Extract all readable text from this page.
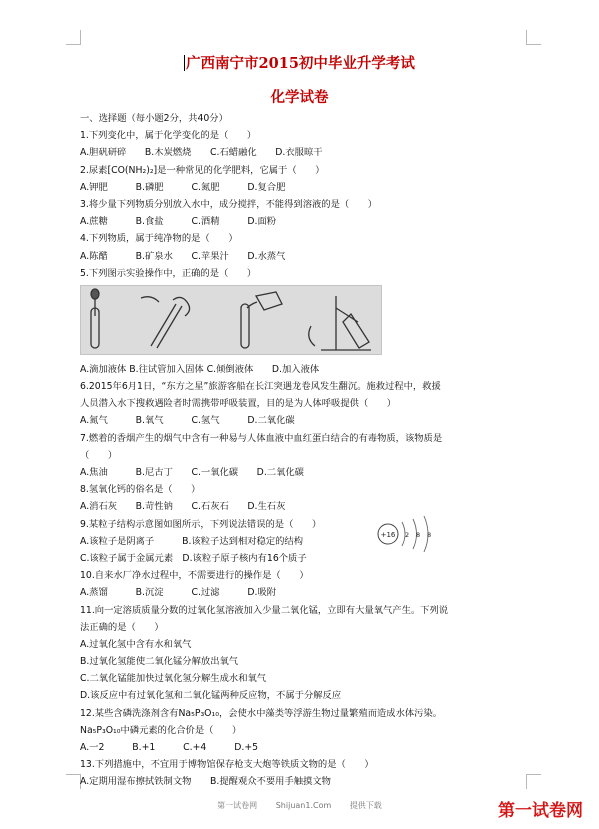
广西南宁市2015初中毕业升学考试
化学试卷
一、选择题（每小题2分，共40分）
1.下列变化中，属于化学变化的是（　　）
A.胆矾研碎　　B.木炭燃烧　　C.石蜡融化　　D.衣服晾干
2.尿素[CO(NH₂)₂]是一种常见的化学肥料，它属于（　　）
A.钾肥　　　B.磷肥　　　C.氮肥　　　D.复合肥
3.将少量下列物质分别放入水中，成分搅拌，不能得到溶液的是（　　）
A.蔗糖　　　B.食盐　　　C.酒精　　　D.面粉
4.下列物质，属于纯净物的是（　　）
A.陈醋　　　B.矿泉水　　C.苹果汁　　D.水蒸气
5.下列图示实验操作中，正确的是（　　）
A.滴加液体 B.往试管加入固体 C.倾倒液体　　D.加入液体
6.2015年6月1日，“东方之星”旅游客船在长江突遇龙卷风发生翻沉。施救过程中，救援
人员潜入水下搜救遇险者时需携带呼吸装置，目的是为人体呼吸提供（　　）
A.氮气　　　B.氧气　　　C.氢气　　　D.二氧化碳
7.燃着的香烟产生的烟气中含有一种易与人体血液中血红蛋白结合的有毒物质，该物质是
（　　）
A.焦油　　　B.尼古丁　　C.一氧化碳　　D.二氧化碳
8.氢氧化钙的俗名是（　　）
A.消石灰　　B.苛性钠　　C.石灰石　　D.生石灰
9.某粒子结构示意图如图所示，下列说法错误的是（　　）
+16 2 8 8
A.该粒子是阴离子　　　B.该粒子达到相对稳定的结构
C.该粒子属于金属元素　D.该粒子原子核内有16个质子
10.自来水厂净水过程中，不需要进行的操作是（　　）
A.蒸馏　　　B.沉淀　　　C.过滤　　　D.吸附
11.向一定溶质质量分数的过氧化氢溶液加入少量二氧化锰，立即有大量氧气产生。下列说
法正确的是（　　）
A.过氧化氢中含有水和氧气
B.过氧化氢能使二氧化锰分解放出氧气
C.二氧化锰能加快过氧化氢分解生成水和氧气
D.该反应中有过氧化氢和二氧化锰两种反应物，不属于分解反应
12.某些含磷洗涤剂含有Na₅P₃O₁₀，会使水中藻类等浮游生物过量繁殖而造成水体污染。
Na₅P₃O₁₀中磷元素的化合价是（　　）
A.一2　　　B.+1　　　C.+4　　　D.+5
13.下列措施中，不宜用于博物馆保存枪支大炮等铁质文物的是（　　）
A.定期用湿布擦拭铁制文物　　B.提醒观众不要用手触摸文物
第一试卷网 Shijuan1.Com 提供下载	第一试卷网
